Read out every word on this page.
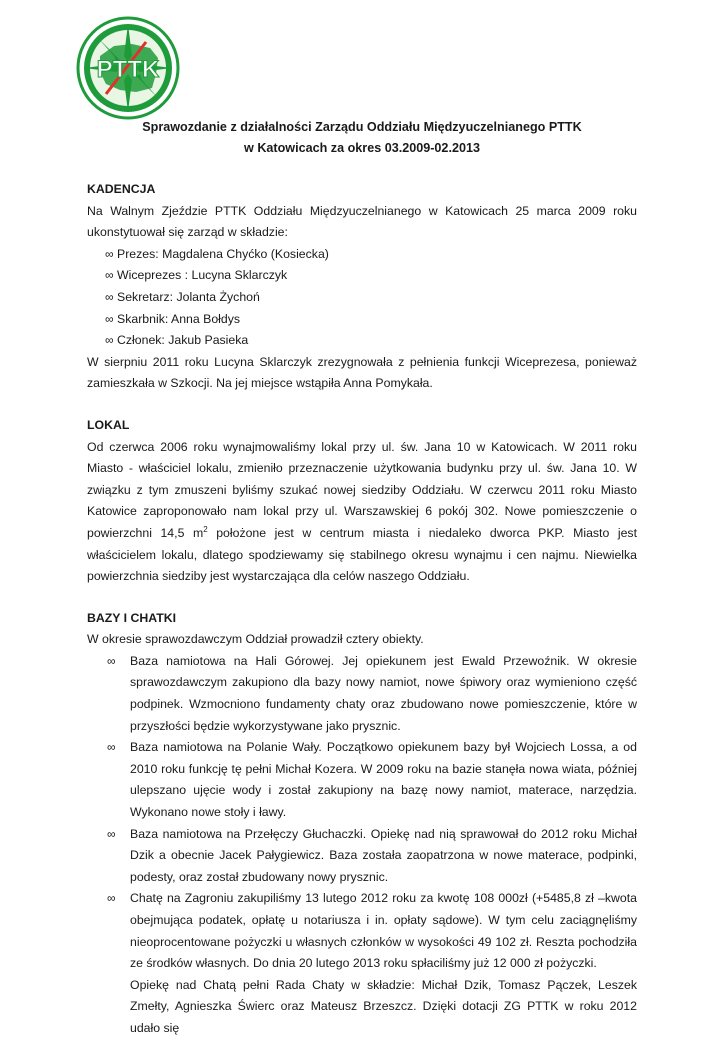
PTTK
Sprawozdanie z działalności Zarządu Oddziału Międzyuczelnianego PTTK
w Katowicach za okres 03.2009-02.2013
KADENCJA
Na Walnym Zjeździe PTTK Oddziału Międzyuczelnianego w Katowicach 25 marca 2009 roku ukonstytuował się zarząd w składzie:
∞ Prezes: Magdalena Chyćko (Kosiecka)
∞ Wiceprezes : Lucyna Sklarczyk
∞ Sekretarz: Jolanta Żychoń
∞ Skarbnik: Anna Bołdys
∞ Członek: Jakub Pasieka
W sierpniu 2011 roku Lucyna Sklarczyk zrezygnowała z pełnienia funkcji Wiceprezesa, ponieważ zamieszkała w Szkocji. Na jej miejsce wstąpiła Anna Pomykała.
LOKAL
Od czerwca 2006 roku wynajmowaliśmy lokal przy ul. św. Jana 10 w Katowicach. W 2011 roku Miasto - właściciel lokalu, zmieniło przeznaczenie użytkowania budynku przy ul. św. Jana 10. W związku z tym zmuszeni byliśmy szukać nowej siedziby Oddziału. W czerwcu 2011 roku Miasto Katowice zaproponowało nam lokal przy ul. Warszawskiej 6 pokój 302. Nowe pomieszczenie o powierzchni 14,5 $m^2$ położone jest w centrum miasta i niedaleko dworca PKP. Miasto jest właścicielem lokalu, dlatego spodziewamy się stabilnego okresu wynajmu i cen najmu. Niewielka powierzchnia siedziby jest wystarczająca dla celów naszego Oddziału.
BAZY I CHATKI
W okresie sprawozdawczym Oddział prowadził cztery obiekty.
∞ Baza namiotowa na Hali Górowej. Jej opiekunem jest Ewald Przewoźnik. W okresie sprawozdawczym zakupiono dla bazy nowy namiot, nowe śpiwory oraz wymieniono część podpinek. Wzmocniono fundamenty chaty oraz zbudowano nowe pomieszczenie, które w przyszłości będzie wykorzystywane jako prysznic.
∞ Baza namiotowa na Polanie Wały. Początkowo opiekunem bazy był Wojciech Lossa, a od 2010 roku funkcję tę pełni Michał Kozera. W 2009 roku na bazie stanęła nowa wiata, później ulepszano ujęcie wody i został zakupiony na bazę nowy namiot, materace, narzędzia. Wykonano nowe stoły i ławy.
∞ Baza namiotowa na Przełęczy Głuchaczki. Opiekę nad nią sprawował do 2012 roku Michał Dzik a obecnie Jacek Pałygiewicz. Baza została zaopatrzona w nowe materace, podpinki, podesty, oraz został zbudowany nowy prysznic.
∞ Chatę na Zagroniu zakupiliśmy 13 lutego 2012 roku za kwotę 108 000zł (+5485,8 zł –kwota obejmująca podatek, opłatę u notariusza i in. opłaty sądowe). W tym celu zaciągnęliśmy nieoprocentowane pożyczki u własnych członków w wysokości 49 102 zł. Reszta pochodziła ze środków własnych. Do dnia 20 lutego 2013 roku spłaciliśmy już 12 000 zł pożyczki.
Opiekę nad Chatą pełni Rada Chaty w składzie: Michał Dzik, Tomasz Pączek, Leszek Zmełty, Agnieszka Świerc oraz Mateusz Brzeszcz. Dzięki dotacji ZG PTTK w roku 2012 udało się
